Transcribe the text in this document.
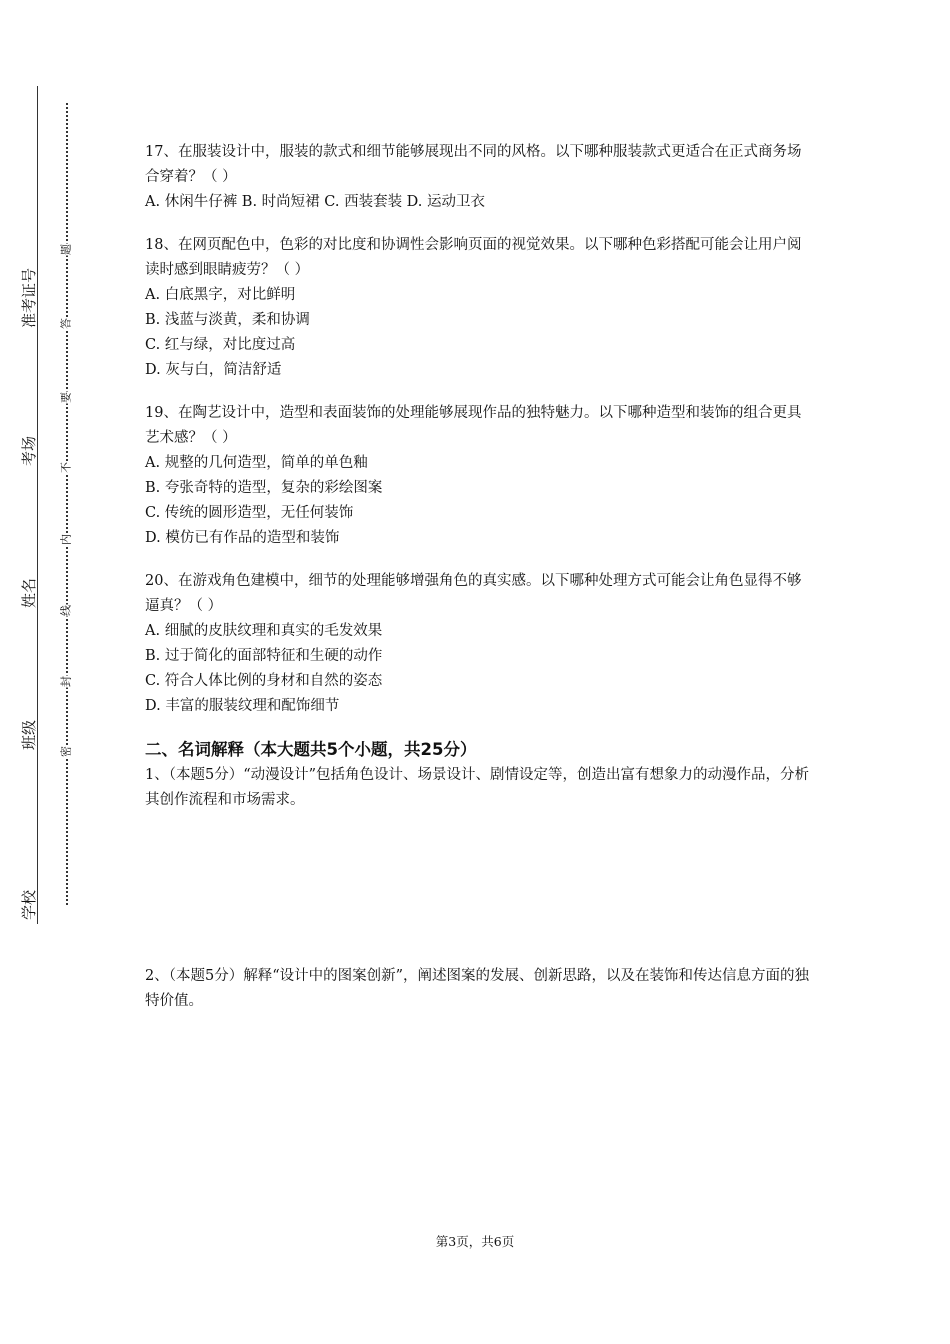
准考证号
考场
姓名
班级
学校
题
答
要
不
内
线
封
密
17、在服装设计中，服装的款式和细节能够展现出不同的风格。以下哪种服装款式更适合在正式商务场合穿着？（ ）
A. 休闲牛仔裤 B. 时尚短裙 C. 西装套装 D. 运动卫衣
18、在网页配色中，色彩的对比度和协调性会影响页面的视觉效果。以下哪种色彩搭配可能会让用户阅读时感到眼睛疲劳？（ ）
A. 白底黑字，对比鲜明
B. 浅蓝与淡黄，柔和协调
C. 红与绿，对比度过高
D. 灰与白，简洁舒适
19、在陶艺设计中，造型和表面装饰的处理能够展现作品的独特魅力。以下哪种造型和装饰的组合更具艺术感？（ ）
A. 规整的几何造型，简单的单色釉
B. 夸张奇特的造型，复杂的彩绘图案
C. 传统的圆形造型，无任何装饰
D. 模仿已有作品的造型和装饰
20、在游戏角色建模中，细节的处理能够增强角色的真实感。以下哪种处理方式可能会让角色显得不够逼真？（ ）
A. 细腻的皮肤纹理和真实的毛发效果
B. 过于简化的面部特征和生硬的动作
C. 符合人体比例的身材和自然的姿态
D. 丰富的服装纹理和配饰细节
二、名词解释（本大题共5个小题，共25分）
1、（本题5分）“动漫设计”包括角色设计、场景设计、剧情设定等，创造出富有想象力的动漫作品，分析其创作流程和市场需求。
2、（本题5分）解释“设计中的图案创新”，阐述图案的发展、创新思路，以及在装饰和传达信息方面的独特价值。
第3页，共6页
